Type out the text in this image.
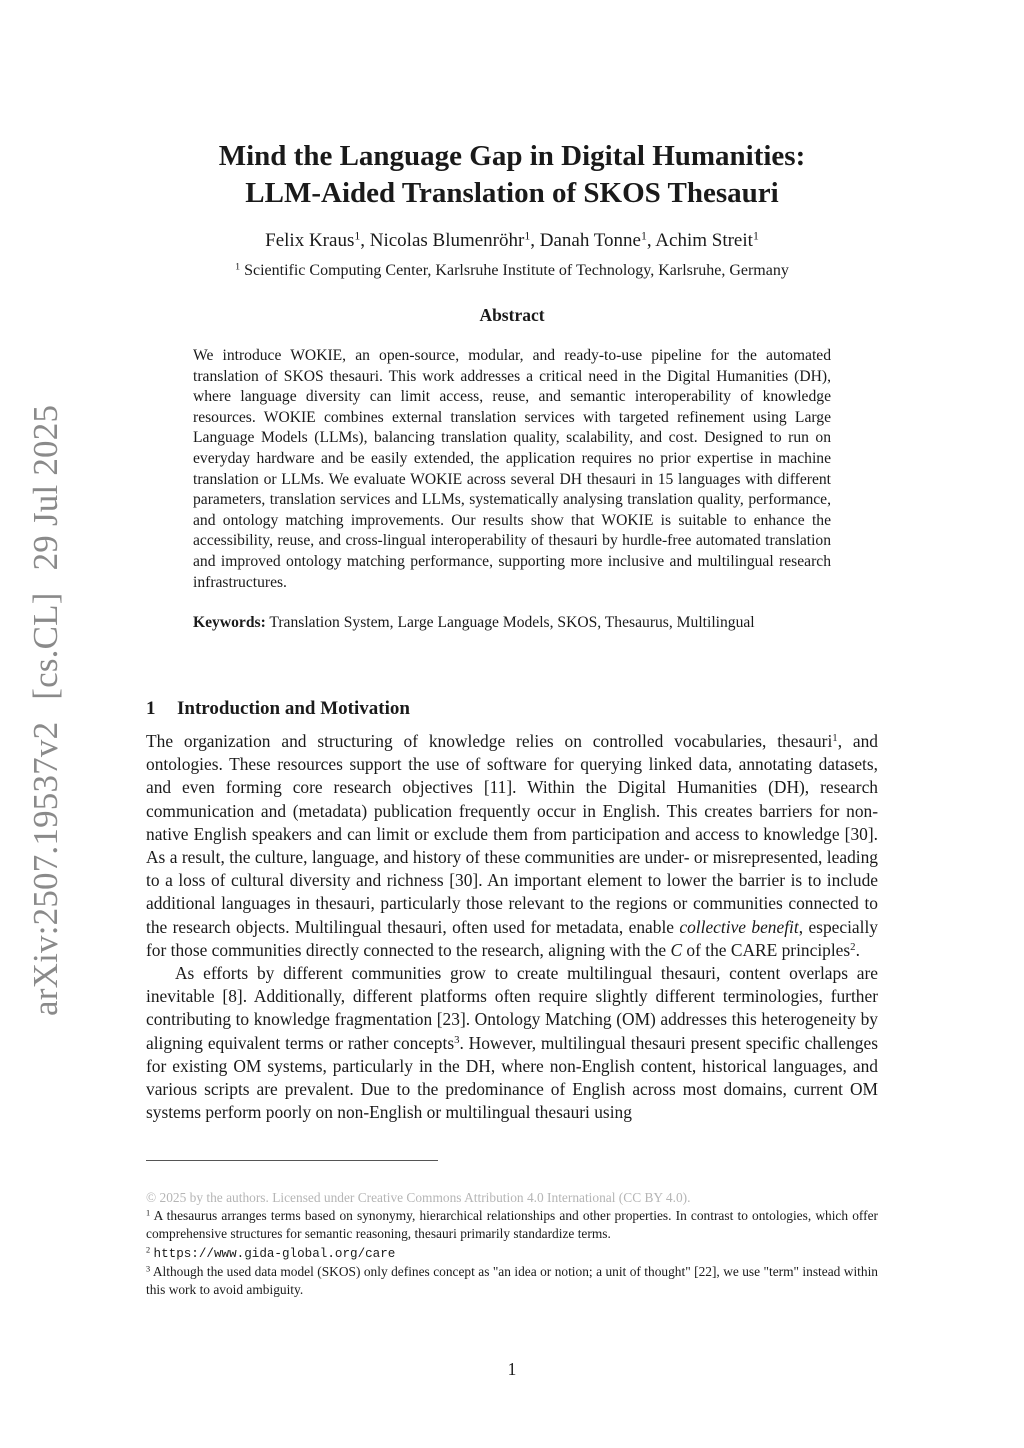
arXiv:2507.19537v2[cs.CL]29 Jul 2025
Mind the Language Gap in Digital Humanities:
LLM-Aided Translation of SKOS Thesauri
Felix Kraus$^1$, Nicolas Blumenröhr$^1$, Danah Tonne$^1$, Achim Streit$^1$
$^1$ Scientific Computing Center, Karlsruhe Institute of Technology, Karlsruhe, Germany
Abstract
We introduce WOKIE, an open-source, modular, and ready-to-use pipeline for the automated translation of SKOS thesauri. This work addresses a critical need in the Digital Humanities (DH), where language diversity can limit access, reuse, and semantic interoperability of knowledge resources. WOKIE combines external translation services with targeted refinement using Large Language Models (LLMs), balancing translation quality, scalability, and cost. Designed to run on everyday hardware and be easily extended, the application requires no prior expertise in machine translation or LLMs. We evaluate WOKIE across several DH thesauri in 15 languages with different parameters, translation services and LLMs, systematically analysing translation quality, performance, and ontology matching improvements. Our results show that WOKIE is suitable to enhance the accessibility, reuse, and cross-lingual interoperability of thesauri by hurdle-free automated translation and improved ontology matching performance, supporting more inclusive and multilingual research infrastructures.
Keywords: Translation System, Large Language Models, SKOS, Thesaurus, Multilingual
1 Introduction and Motivation

The organization and structuring of knowledge relies on controlled vocabularies, thesauri$^1$, and ontologies. These resources support the use of software for querying linked data, annotating datasets, and even forming core research objectives [11]. Within the Digital Humanities (DH), research communication and (metadata) publication frequently occur in English. This creates barriers for non-native English speakers and can limit or exclude them from participation and access to knowledge [30]. As a result, the culture, language, and history of these communities are under- or misrepresented, leading to a loss of cultural diversity and richness [30]. An important element to lower the barrier is to include additional languages in thesauri, particularly those relevant to the regions or communities connected to the research objects. Multilingual thesauri, often used for metadata, enable collective benefit, especially for those communities directly connected to the research, aligning with the C of the CARE principles$^2$.

As efforts by different communities grow to create multilingual thesauri, content overlaps are inevitable [8]. Additionally, different platforms often require slightly different terminologies, further contributing to knowledge fragmentation [23]. Ontology Matching (OM) addresses this heterogeneity by aligning equivalent terms or rather concepts$^3$. However, multilingual thesauri present specific challenges for existing OM systems, particularly in the DH, where non-English content, historical languages, and various scripts are prevalent. Due to the predominance of English across most domains, current OM systems perform poorly on non-English or multilingual thesauri using

© 2025 by the authors. Licensed under Creative Commons Attribution 4.0 International (CC BY 4.0).

$^1$ A thesaurus arranges terms based on synonymy, hierarchical relationships and other properties. In contrast to ontologies, which offer comprehensive structures for semantic reasoning, thesauri primarily standardize terms.

$^2$ https://www.gida-global.org/care

$^3$ Although the used data model (SKOS) only defines concept as "an idea or notion; a unit of thought" [22], we use "term" instead within this work to avoid ambiguity.

1
